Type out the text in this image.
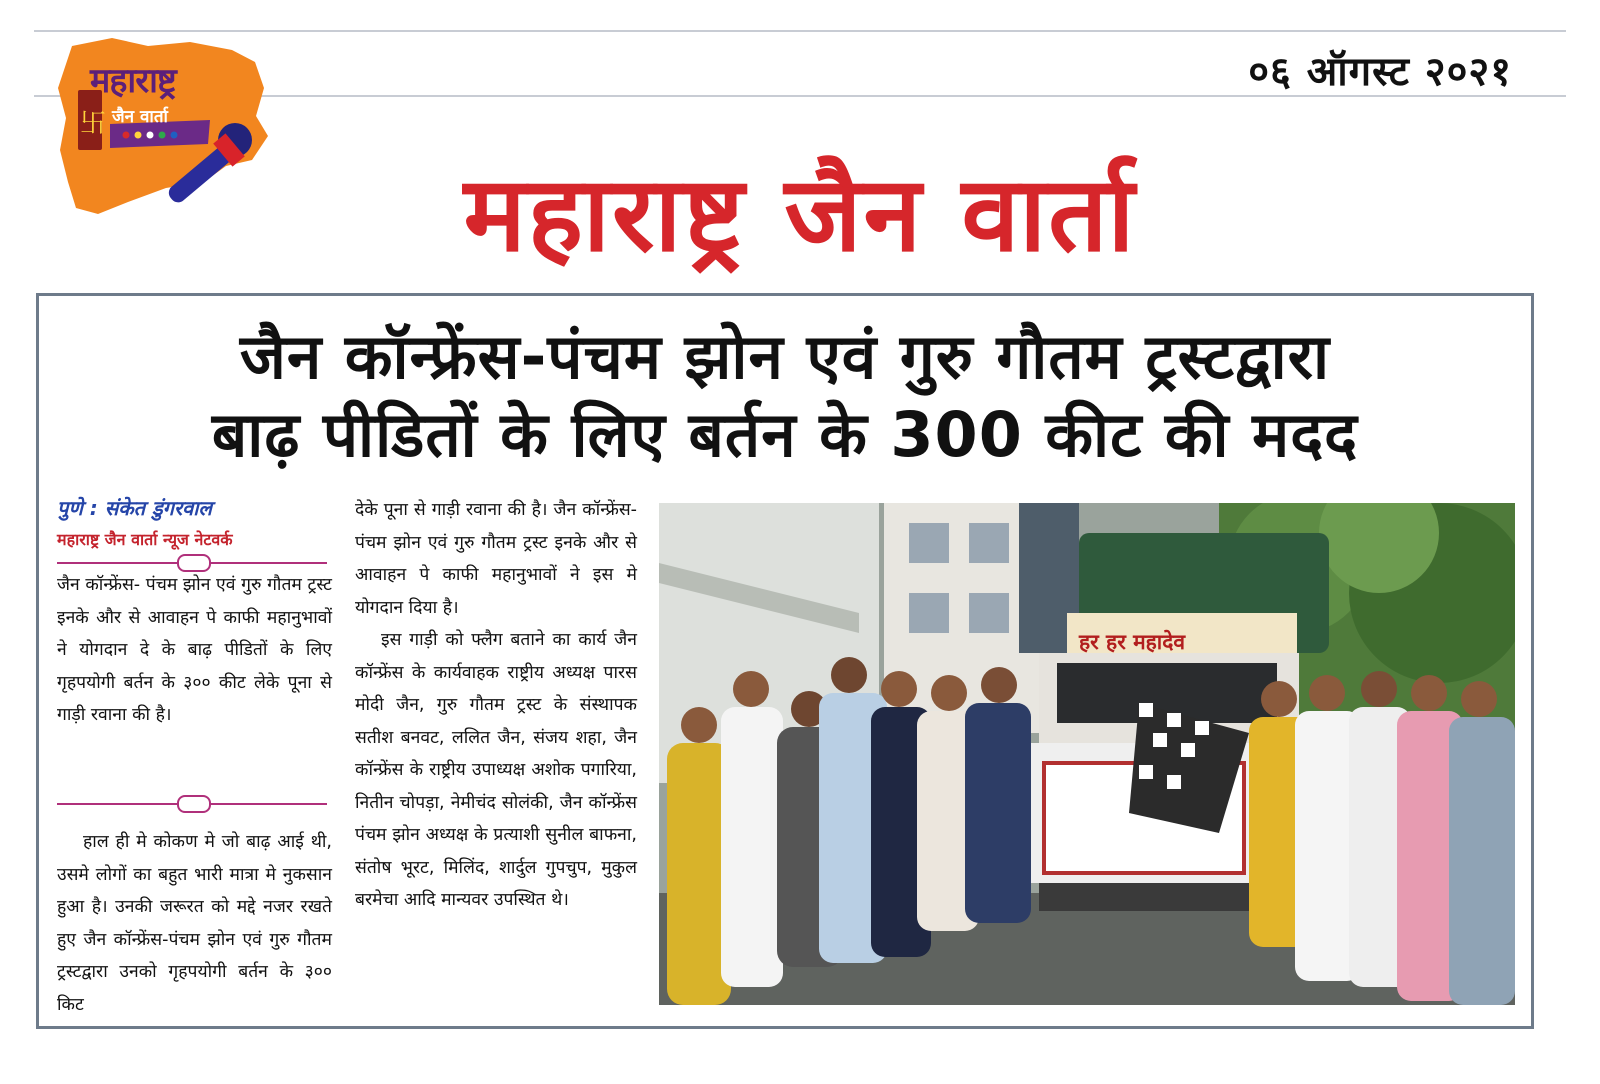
卐
महाराष्ट्र
जैन वार्ता
०६ ऑगस्ट २०२१
महाराष्ट्र जैन वार्ता
जैन कॉन्फ्रेंस-पंचम झोन एवं गुरु गौतम ट्रस्टद्वारा
बाढ़ पीडितों के लिए बर्तन के 300 कीट की मदद
पुणे : संकेत डुंगरवाल
महाराष्ट्र जैन वार्ता न्यूज नेटवर्क

जैन कॉन्फ्रेंस- पंचम झोन एवं गुरु गौतम ट्रस्ट इनके और से आवाहन पे काफी महानुभावों ने योगदान दे के बाढ़ पीडितों के लिए गृहपयोगी बर्तन के ३०० कीट लेके पूना से गाड़ी रवाना की है।

हाल ही मे कोकण मे जो बाढ़ आई थी, उसमे लोगों का बहुत भारी मात्रा मे नुकसान हुआ है। उनकी जरूरत को मद्दे नजर रखते हुए जैन कॉन्फ्रेंस-पंचम झोन एवं गुरु गौतम ट्रस्टद्वारा उनको गृहपयोगी बर्तन के ३०० किट

देके पूना से गाड़ी रवाना की है। जैन कॉन्फ्रेंस- पंचम झोन एवं गुरु गौतम ट्रस्ट इनके और से आवाहन पे काफी महानुभावों ने इस मे योगदान दिया है।

इस गाड़ी को फ्लैग बताने का कार्य जैन कॉन्फ्रेंस के कार्यवाहक राष्ट्रीय अध्यक्ष पारस मोदी जैन, गुरु गौतम ट्रस्ट के संस्थापक सतीश बनवट, ललित जैन, संजय शहा, जैन कॉन्फ्रेंस के राष्ट्रीय उपाध्यक्ष अशोक पगारिया, नितीन चोपड़ा, नेमीचंद सोलंकी, जैन कॉन्फ्रेंस पंचम झोन अध्यक्ष के प्रत्याशी सुनील बाफना, संतोष भूरट, मिलिंद, शार्दुल गुपचुप, मुकुल बरमेचा आदि मान्यवर उपस्थित थे।

हर हर महादेव
